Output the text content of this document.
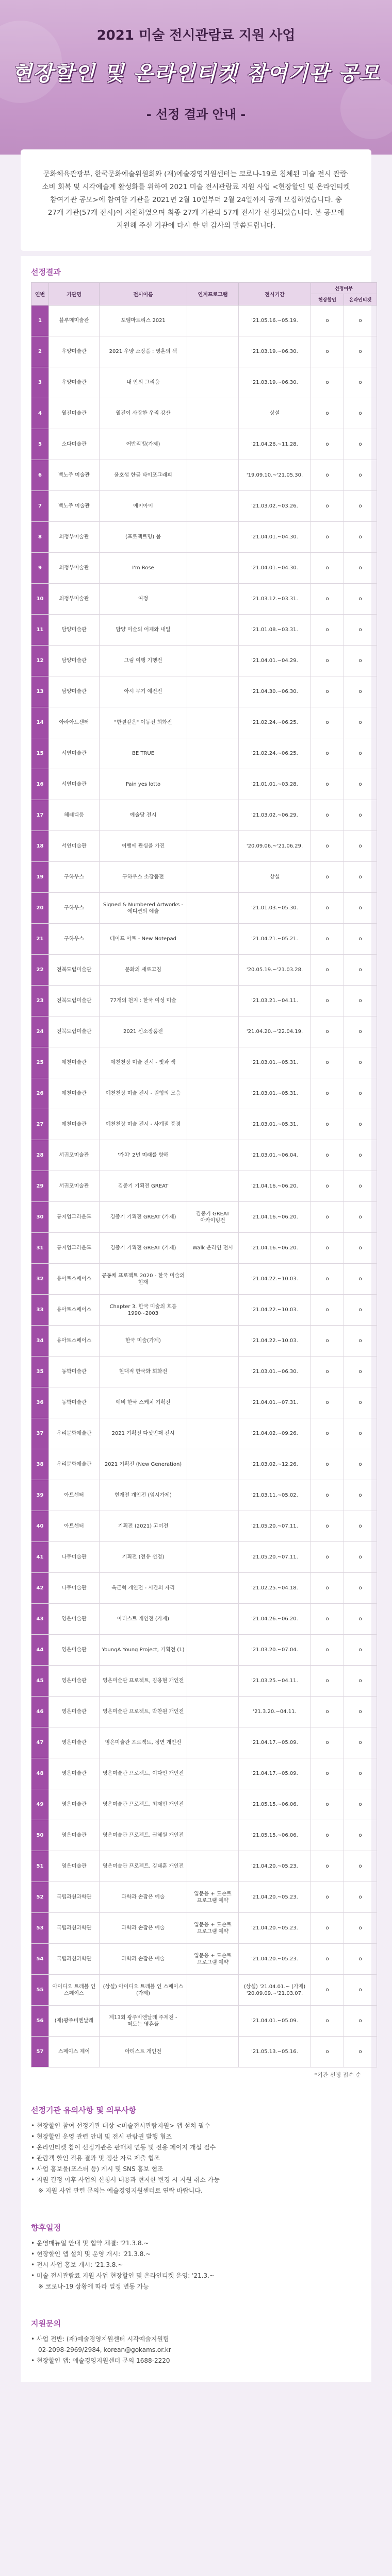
2021 미술 전시관람료 지원 사업
현장할인 및 온라인티켓 참여기관 공모
- 선정 결과 안내 -

문화체육관광부, 한국문화예술위원회와 (재)예술경영지원센터는 코로나-19로 침체된 미술 전시 관람·소비 회복 및 시각예술계 활성화를 위하여 2021 미술 전시관람료 지원 사업 <현장할인 및 온라인티켓 참여기관 공모>에 참여할 기관을 2021년 2월 10일부터 2월 24일까지 공개 모집하였습니다. 총 27개 기관(57개 전시)이 지원하였으며 최종 27개 기관의 57개 전시가 선정되었습니다. 본 공모에 지원해 주신 기관에 다시 한 번 감사의 말씀드립니다.

선정결과
연번	기관명	전시이름	연계프로그램	전시기간	선정여부	
					현장할인	온라인티켓
1	블루메미술관	포엠마트리스 2021		'21.05.16.~05.19.	o	o
2	우양미술관	2021 우양 소장품 : 영혼의 색		'21.03.19.~06.30.	o	o
3	우양미술관	내 안의 그리움		'21.03.19.~06.30.	o	o
4	월전미술관	월전이 사랑한 우리 강산		상설	o	o
5	소다미술관	어반리빙(가제)		'21.04.26.~11.28.	o	o
6	백노주 미술관	윤호섭 한글 타이포그래피		'19.09.10.~'21.05.30.	o	o
7	백노주 미술관	에이아이		'21.03.02.~03.26.	o	o
8	의정부미술관	(프로젝트명) 봄		'21.04.01.~04.30.	o	o
9	의정부미술관	I'm Rose		'21.04.01.~04.30.	o	o
10	의정부미술관	여정		'21.03.12.~03.31.	o	o
11	담양미술관	담양 미술의 어제와 내일		'21.01.08.~03.31.	o	o
12	담양미술관	그림 여행 기행전		'21.04.01.~04.29.	o	o
13	담양미술관	아시 무기 예전전		'21.04.30.~06.30.	o	o
14	아라아트센터	"한결같은" 이동진 회화전		'21.02.24.~06.25.	o	o
15	서연미술관	BE TRUE		'21.02.24.~06.25.	o	o
16	서연미술관	Pain yes lotto		'21.01.01.~03.28.	o	o
17	헤레디움	예술당 전시		'21.03.02.~06.29.	o	o
18	서연미술관	여행에 관심을 가진		'20.09.06.~'21.06.29.	o	o
19	구하우스	구하우스 소장품전		상설	o	o
20	구하우스	Signed & Numbered Artworks - 에디션의 예술		'21.01.03.~05.30.	o	o
21	구하우스	테이프 아트 - New Notepad		'21.04.21.~05.21.	o	o
22	전북도립미술관	문화의 새로고침		'20.05.19.~'21.03.28.	o	o
23	전북도립미술관	77개의 천지 : 한국 여성 미술		'21.03.21.~04.11.	o	o
24	전북도립미술관	2021 신소장품전		'21.04.20.~'22.04.19.	o	o
25	예천미술관	예천천장 미술 전시 - 빛과 색		'21.03.01.~05.31.	o	o
26	예천미술관	예천천장 미술 전시 - 원형의 모음		'21.03.01.~05.31.	o	o
27	예천미술관	예천천장 미술 전시 - 사계절 풍경		'21.03.01.~05.31.	o	o
28	서귀포미술관	'가치' 2년 미래를 향해		'21.03.01.~06.04.	o	o
29	서귀포미술관	김중기 기획전 GREAT		'21.04.16.~06.20.	o	o
30	뮤지엄그라운드	김중기 기획전 GREAT (가제)	김중기 GREAT 아카이빙전	'21.04.16.~06.20.	o	o
31	뮤지엄그라운드	김중기 기획전 GREAT (가제)	Walk 온라인 전시	'21.04.16.~06.20.	o	o
32	유아트스페이스	공동체 프로젝트 2020 - 한국 미술의 현재		'21.04.22.~10.03.	o	o
33	유아트스페이스	Chapter 3. 한국 미술의 흐름 1990~2003		'21.04.22.~10.03.	o	o
34	유아트스페이스	한국 미술(가제)		'21.04.22.~10.03.	o	o
35	동학미술관	현대적 한국화 회화전		'21.03.01.~06.30.	o	o
36	동학미술관	예비 한국 스케치 기획전		'21.04.01.~07.31.	o	o
37	우리문화예술관	2021 기획전 다섯번째 전시		'21.04.02.~09.26.	o	o
38	우리문화예술관	2021 기획전 (New Generation)		'21.03.02.~12.26.	o	o
39	아트센터	현재전 개인전 (임시가제)		'21.03.11.~05.02.	o	o
40	아트센터	기획전 (2021) 고미전		'21.05.20.~07.11.	o	o
41	나무미술관	기획전 (전유 선정)		'21.05.20.~07.11.	o	o
42	나무미술관	옥근혁 개인전 - 시간의 자리		'21.02.25.~04.18.	o	o
43	영은미술관	아티스트 개인전 (가제)		'21.04.26.~06.20.	o	o
44	영은미술관	YoungA Young Project, 기획전 (1)		'21.03.20.~07.04.	o	o
45	영은미술관	영은미술관 프로젝트, 김용현 개인전		'21.03.25.~04.11.	o	o
46	영은미술관	영은미술관 프로젝트, 박찬원 개인전		'21.3.20.~04.11.	o	o
47	영은미술관	영은미술관 프로젝트, 정연 개인전		'21.04.17.~05.09.	o	o
48	영은미술관	영은미술관 프로젝트, 이다인 개인전		'21.04.17.~05.09.	o	o
49	영은미술관	영은미술관 프로젝트, 최재민 개인전		'21.05.15.~06.06.	o	o
50	영은미술관	영은미술관 프로젝트, 권혜원 개인전		'21.05.15.~06.06.	o	o
51	영은미술관	영은미술관 프로젝트, 김태훈 개인전		'21.04.20.~05.23.	o	o
52	국립과천과학관	과학과 손잡은 예술	입문용 + 도슨트 프로그램 예약	'21.04.20.~05.23.	o	o
53	국립과천과학관	과학과 손잡은 예술	입문용 + 도슨트 프로그램 예약	'21.04.20.~05.23.	o	o
54	국립과천과학관	과학과 손잡은 예술	입문용 + 도슨트 프로그램 예약	'21.04.20.~05.23.	o	o
55	아이디오 트래블 인 스페이스	(상설) 아이디오 트래블 인 스페이스 (가제)		(상설) '21.04.01.~ (가제) '20.09.09.~'21.03.07.	o	o
56	(재)광주비엔날레	제13회 광주비엔날레 주제전 - 떠도는 영혼들		'21.04.01.~05.09.	o	o
57	스페이스 제이	아티스트 개인전		'21.05.13.~05.16.	o	o
*기관 선정 접수 순
선정기관 유의사항 및 의무사항
• 현장할인 참여 선정기관 대상 <미술전시관람지원> 앱 설치 필수
• 현장할인 운영 관련 안내 및 전시 관람권 발행 협조
• 온라인티켓 참여 선정기관은 판매처 연동 및 전용 페이지 개설 필수
• 관람객 할인 적용 결과 및 정산 자료 제출 협조
• 사업 홍보물(포스터 등) 게시 및 SNS 홍보 협조
• 지원 결정 이후 사업의 신청서 내용과 현저한 변경 시 지원 취소 가능
※ 지원 사업 관련 문의는 예술경영지원센터로 연락 바랍니다.
향후일정
• 운영매뉴얼 안내 및 협약 체결: '21.3.8.~
• 현장할인 앱 설치 및 운영 개시: '21.3.8.~
• 전시 사업 홍보 개시: '21.3.8.~
• 미술 전시관람료 지원 사업 현장할인 및 온라인티켓 운영: '21.3.~
※ 코로나-19 상황에 따라 일정 변동 가능
지원문의
• 사업 전반: (재)예술경영지원센터 시각예술지원팀
02-2098-2969/2984, korean@gokams.or.kr
• 현장할인 앱: 예술경영지원센터 문의 1688-2220
